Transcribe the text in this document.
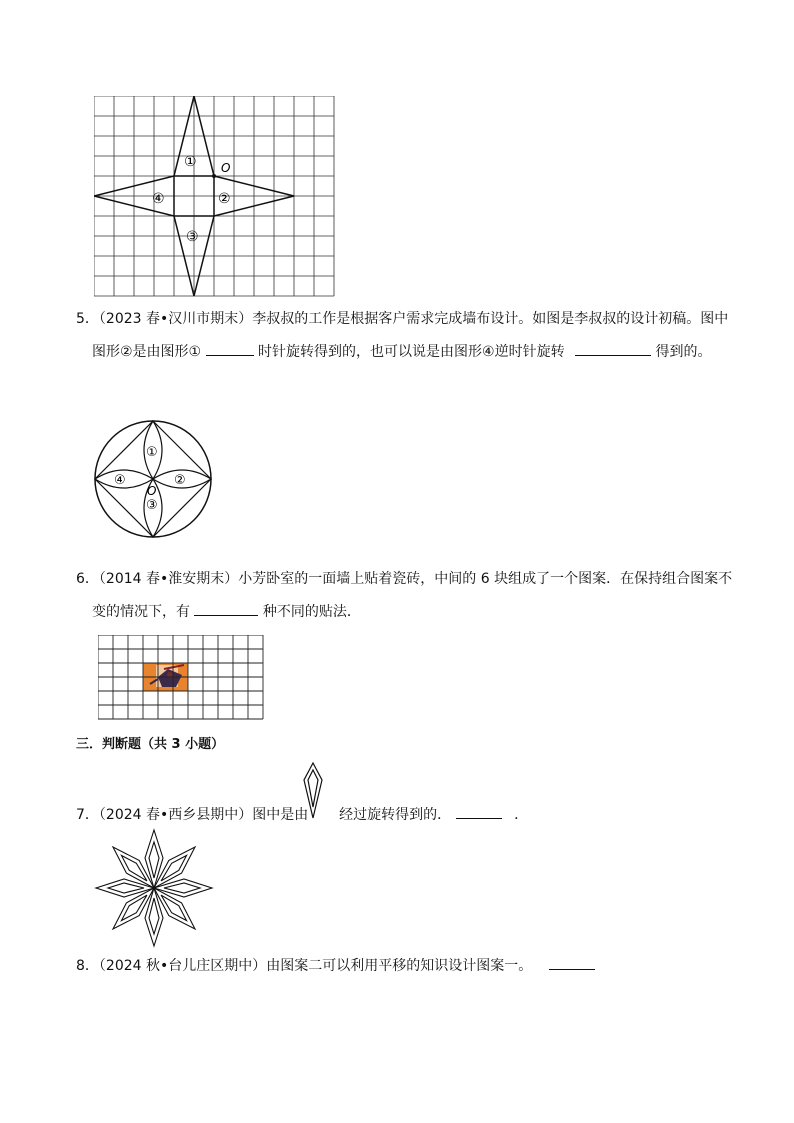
O
①
②
③
④
5．（2023 春•汉川市期末）李叔叔的工作是根据客户需求完成墙布设计。如图是李叔叔的设计初稿。图中
图形②是由图形①	时针旋转得到的，也可以说是由图形④逆时针旋转	得到的。
①
②
③
④
O
6．（2014 春•淮安期末）小芳卧室的一面墙上贴着瓷砖，中间的 6 块组成了一个图案．在保持组合图案不
变的情况下，有	种不同的贴法．
三．判断题（共 3 小题）
7．（2024 春•西乡县期中）图中是由 经过旋转得到的．	．
8．（2024 秋•台儿庄区期中）由图案二可以利用平移的知识设计图案一。
